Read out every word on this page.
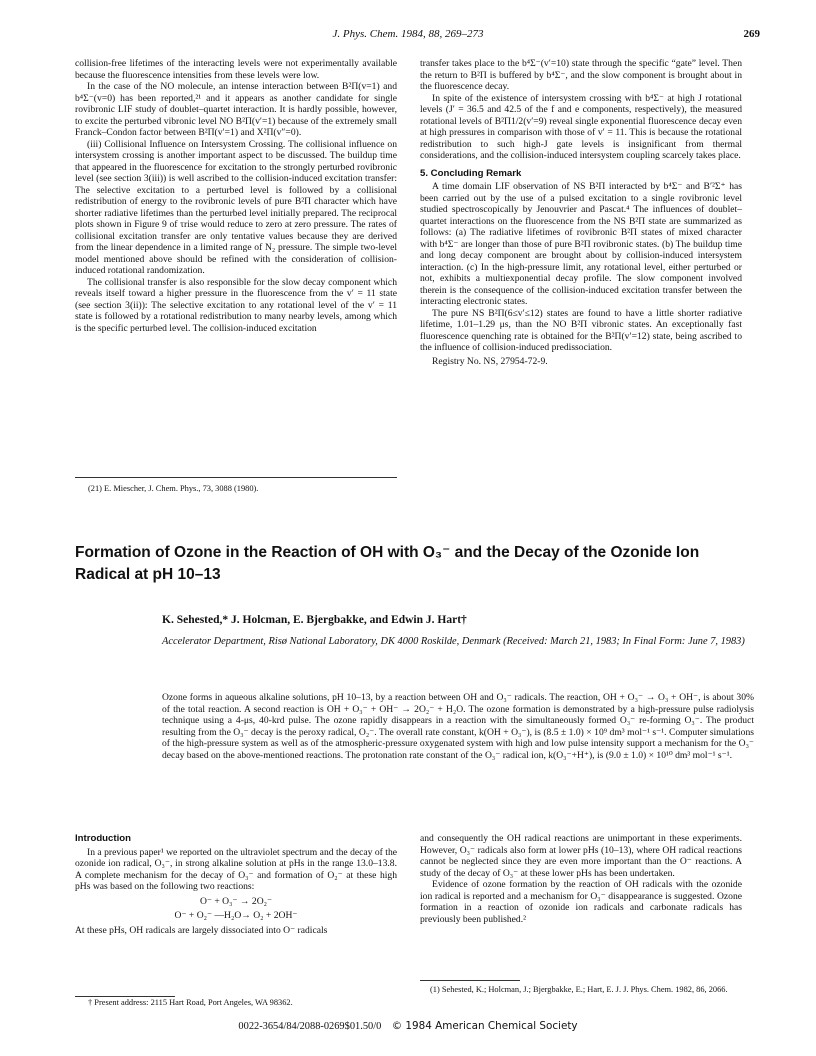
J. Phys. Chem. 1984, 88, 269–273	269

collision-free lifetimes of the interacting levels were not experimentally available because the fluorescence intensities from these levels were low.

In the case of the NO molecule, an intense interaction between B²Π(v=1) and b⁴Σ⁻(v=0) has been reported,²¹ and it appears as another candidate for single rovibronic LIF study of doublet–quartet interaction. It is hardly possible, however, to excite the perturbed vibronic level NO B²Π(v′=1) because of the extremely small Franck–Condon factor between B²Π(v′=1) and X²Π(v″=0).

(iii) Collisional Influence on Intersystem Crossing. The collisional influence on intersystem crossing is another important aspect to be discussed. The buildup time that appeared in the fluorescence for excitation to the strongly perturbed rovibronic level (see section 3(iii)) is well ascribed to the collision-induced excitation transfer: The selective excitation to a perturbed level is followed by a collisional redistribution of energy to the rovibronic levels of pure B²Π character which have shorter radiative lifetimes than the perturbed level initially prepared. The reciprocal plots shown in Figure 9 of τrise would reduce to zero at zero pressure. The rates of collisional excitation transfer are only tentative values because they are derived from the linear dependence in a limited range of N₂ pressure. The simple two-level model mentioned above should be refined with the consideration of collision-induced rotational randomization.

The collisional transfer is also responsible for the slow decay component which reveals itself toward a higher pressure in the fluorescence from the v′ = 11 state (see section 3(ii)): The selective excitation to any rotational level of the v′ = 11 state is followed by a rotational redistribution to many nearby levels, among which is the specific perturbed level. The collision-induced excitation

transfer takes place to the b⁴Σ⁻(v′=10) state through the specific “gate” level. Then the return to B²Π is buffered by b⁴Σ⁻, and the slow component is brought about in the fluorescence decay.

In spite of the existence of intersystem crossing with b⁴Σ⁻ at high J rotational levels (J′ = 36.5 and 42.5 of the f and e components, respectively), the measured rotational levels of B²Π1/2(v′=9) reveal single exponential fluorescence decay even at high pressures in comparison with those of v′ = 11. This is because the rotational redistribution to such high-J gate levels is insignificant from thermal considerations, and the collision-induced intersystem coupling scarcely takes place.

5. Concluding Remark

A time domain LIF observation of NS B²Π interacted by b⁴Σ⁻ and B′²Σ⁺ has been carried out by the use of a pulsed excitation to a single rovibronic level studied spectroscopically by Jenouvrier and Pascat.⁴ The influences of doublet–quartet interactions on the fluorescence from the NS B²Π state are summarized as follows: (a) The radiative lifetimes of rovibronic B²Π states of mixed character with b⁴Σ⁻ are longer than those of pure B²Π rovibronic states. (b) The buildup time and long decay component are brought about by collision-induced intersystem interaction. (c) In the high-pressure limit, any rotational level, either perturbed or not, exhibits a multiexponential decay profile. The slow component involved therein is the consequence of the collision-induced excitation transfer between the interacting electronic states.

The pure NS B²Π(6≤v′≤12) states are found to have a little shorter radiative lifetime, 1.01–1.29 μs, than the NO B²Π vibronic states. An exceptionally fast fluorescence quenching rate is obtained for the B²Π(v′=12) state, being ascribed to the influence of collision-induced predissociation.

Registry No. NS, 27954-72-9.

(21) E. Miescher, J. Chem. Phys., 73, 3088 (1980).
Formation of Ozone in the Reaction of OH with O₃⁻ and the Decay of the Ozonide Ion Radical at pH 10–13
K. Sehested,* J. Holcman, E. Bjergbakke, and Edwin J. Hart†
Accelerator Department, Risø National Laboratory, DK 4000 Roskilde, Denmark (Received: March 21, 1983; In Final Form: June 7, 1983)
Ozone forms in aqueous alkaline solutions, pH 10–13, by a reaction between OH and O₃⁻ radicals. The reaction, OH + O₃⁻ → O₃ + OH⁻, is about 30% of the total reaction. A second reaction is OH + O₃⁻ + OH⁻ → 2O₂⁻ + H₂O. The ozone formation is demonstrated by a high-pressure pulse radiolysis technique using a 4-μs, 40-krd pulse. The ozone rapidly disappears in a reaction with the simultaneously formed O₃⁻ re-forming O₃⁻. The product resulting from the O₃⁻ decay is the peroxy radical, O₂⁻. The overall rate constant, k(OH + O₃⁻), is (8.5 ± 1.0) × 10⁹ dm³ mol⁻¹ s⁻¹. Computer simulations of the high-pressure system as well as of the atmospheric-pressure oxygenated system with high and low pulse intensity support a mechanism for the O₃⁻ decay based on the above-mentioned reactions. The protonation rate constant of the O₃⁻ radical ion, k(O₃⁻+H⁺), is (9.0 ± 1.0) × 10¹⁰ dm³ mol⁻¹ s⁻¹.
Introduction

In a previous paper¹ we reported on the ultraviolet spectrum and the decay of the ozonide ion radical, O₃⁻, in strong alkaline solution at pHs in the range 13.0–13.8. A complete mechanism for the decay of O₃⁻ and formation of O₂⁻ at these high pHs was based on the following two reactions:

O⁻ + O₃⁻ → 2O₂⁻
O⁻ + O₂⁻ —H₂O→ O₂ + 2OH⁻

At these pHs, OH radicals are largely dissociated into O⁻ radicals

and consequently the OH radical reactions are unimportant in these experiments. However, O₃⁻ radicals also form at lower pHs (10–13), where OH radical reactions cannot be neglected since they are even more important than the O⁻ reactions. A study of the decay of O₃⁻ at these lower pHs has been undertaken.

Evidence of ozone formation by the reaction of OH radicals with the ozonide ion radical is reported and a mechanism for O₃⁻ disappearance is suggested. Ozone formation in a reaction of ozonide ion radicals and carbonate radicals has previously been published.²

† Present address: 2115 Hart Road, Port Angeles, WA 98362.
(1) Sehested, K.; Holcman, J.; Bjergbakke, E.; Hart, E. J. J. Phys. Chem. 1982, 86, 2066.
0022-3654/84/2088-0269$01.50/0 © 1984 American Chemical Society
